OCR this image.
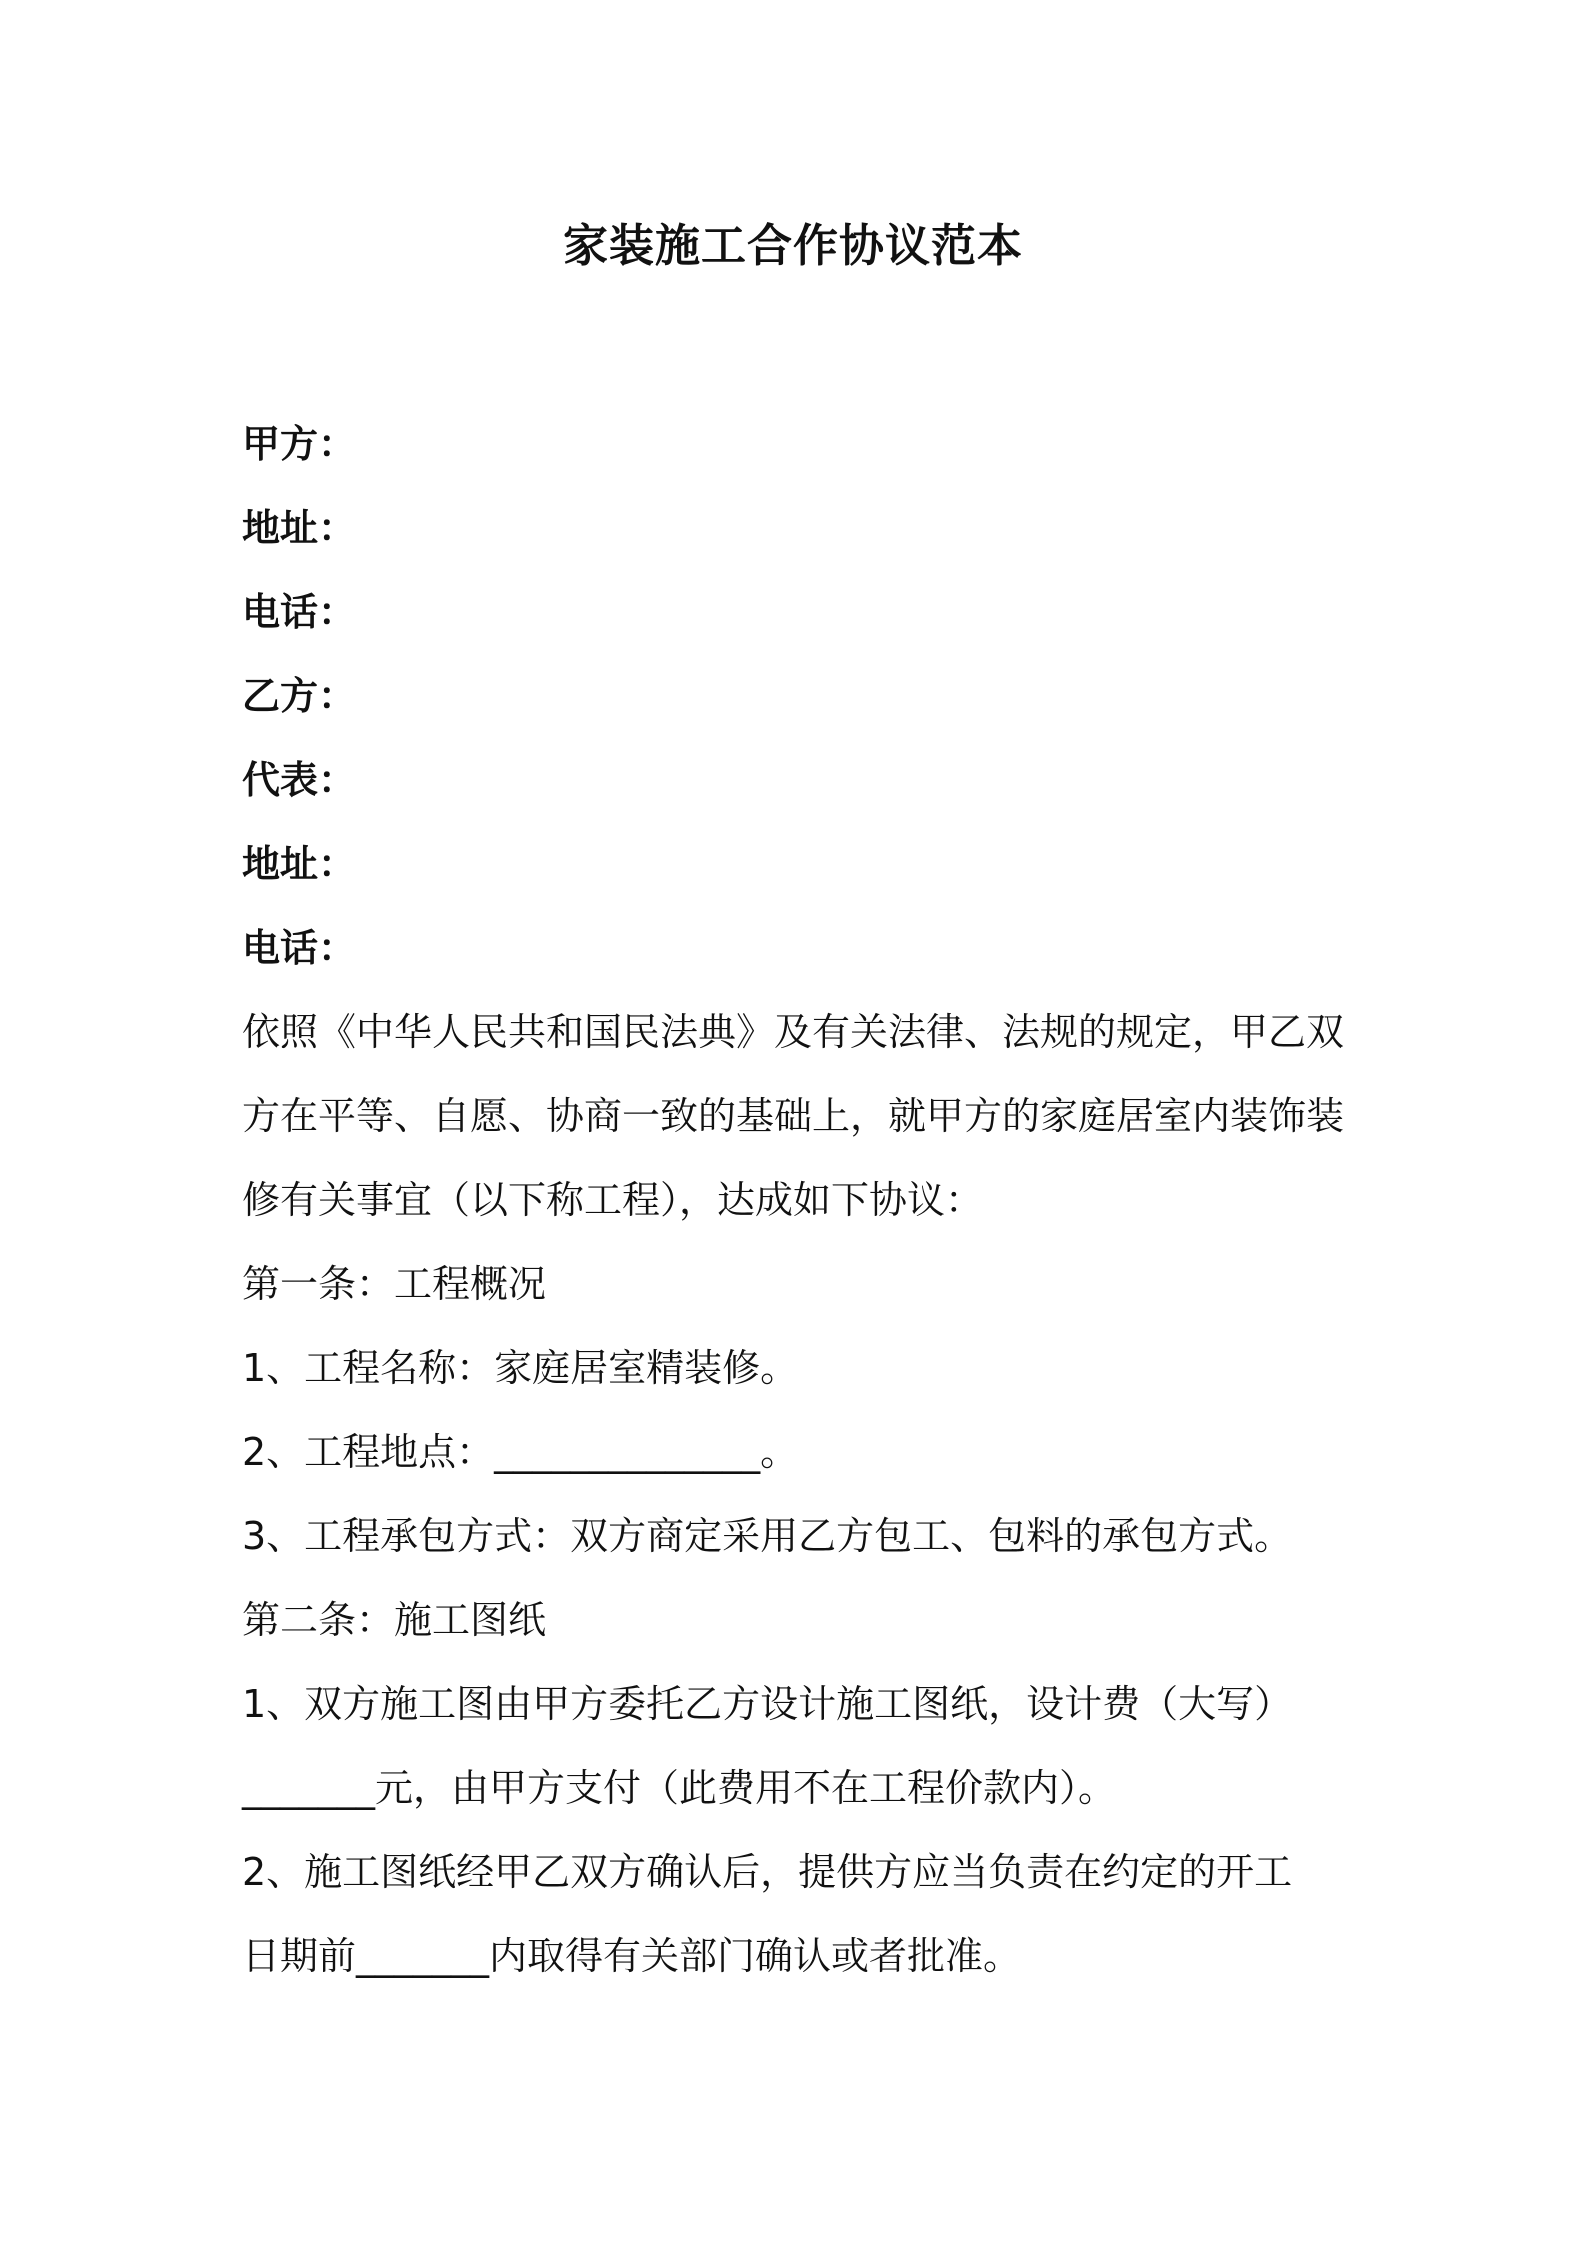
家装施工合作协议范本
甲方：
地址：
电话：
乙方：
代表：
地址：
电话：
依照《中华人民共和国民法典》及有关法律、法规的规定，甲乙双方在平等、自愿、协商一致的基础上，就甲方的家庭居室内装饰装修有关事宜（以下称工程），达成如下协议：
第一条：工程概况
1、工程名称：家庭居室精装修。
2、工程地点：______________。
3、工程承包方式：双方商定采用乙方包工、包料的承包方式。
第二条：施工图纸
1、双方施工图由甲方委托乙方设计施工图纸，设计费（大写）
_______元，由甲方支付（此费用不在工程价款内）。
2、施工图纸经甲乙双方确认后，提供方应当负责在约定的开工
日期前_______内取得有关部门确认或者批准。
